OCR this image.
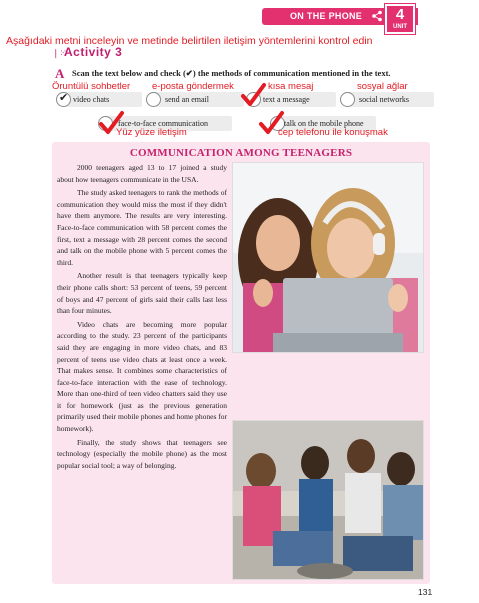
ON THE PHONE	4
UNIT
Aşağıdaki metni inceleyin ve metinde belirtilen iletişim yöntemlerini kontrol edin
❘⁙
Activity 3
A Scan the text below and check (✔) the methods of communication mentioned in the text.
Öruntülü sohbetler e-posta göndermek	kısa mesaj	sosyal ağlar
✔ video chats	send an email	text a message	social networks
face-to-face communication	talk on the mobile phone
Yüz yüze iletişim	cep telefonu ile konuşmak
COMMUNICATION AMONG TEENAGERS

2000 teenagers aged 13 to 17 joined a study about how teenagers communicate in the USA.

The study asked teenagers to rank the methods of communication they would miss the most if they didn't have them anymore. The results are very interesting. Face-to-face communication with 58 percent comes the first, text a message with 28 percent comes the second and talk on the mobile phone with 5 percent comes the third.

Another result is that teenagers typically keep their phone calls short: 53 percent of teens, 59 percent of boys and 47 percent of girls said their calls last less than four minutes.

Video chats are becoming more popular according to the study. 23 percent of the participants said they are engaging in more video chats, and 83 percent of teens use video chats at least once a week. That makes sense. It combines some characteristics of face-to-face interaction with the ease of technology. More than one-third of teen video chatters said they use it for homework (just as the previous generation primarily used their mobile phones and home phones for homework).

Finally, the study shows that teenagers see technology (especially the mobile phone) as the most popular social tool; a way of belonging.

131
